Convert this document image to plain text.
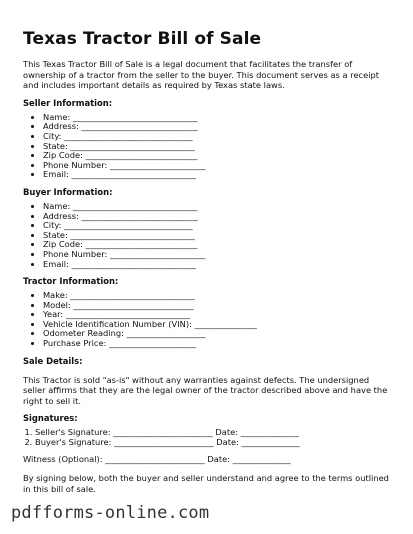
Texas Tractor Bill of Sale

This Texas Tractor Bill of Sale is a legal document that facilitates the transfer of ownership of a tractor from the seller to the buyer. This document serves as a receipt and includes important details as required by Texas state laws.

Seller Information:
• Name: ______________________________
• Address: ____________________________
• City: _______________________________
• State: ______________________________
• Zip Code: ___________________________
• Phone Number: _______________________
• Email: ______________________________
Buyer Information:
• Name: ______________________________
• Address: ____________________________
• City: _______________________________
• State: ______________________________
• Zip Code: ___________________________
• Phone Number: _______________________
• Email: ______________________________
Tractor Information:
• Make: ______________________________
• Model: _____________________________
• Year: ______________________________
• Vehicle Identification Number (VIN): _______________
• Odometer Reading: ___________________
• Purchase Price: _____________________
Sale Details:

This Tractor is sold "as-is" without any warranties against defects. The undersigned seller affirms that they are the legal owner of the tractor described above and have the right to sell it.

Signatures:
1. Seller's Signature: ________________________ Date: ______________
2. Buyer's Signature: ________________________ Date: ______________

Witness (Optional): ________________________ Date: ______________

By signing below, both the buyer and seller understand and agree to the terms outlined in this bill of sale.

pdfforms-online.com
